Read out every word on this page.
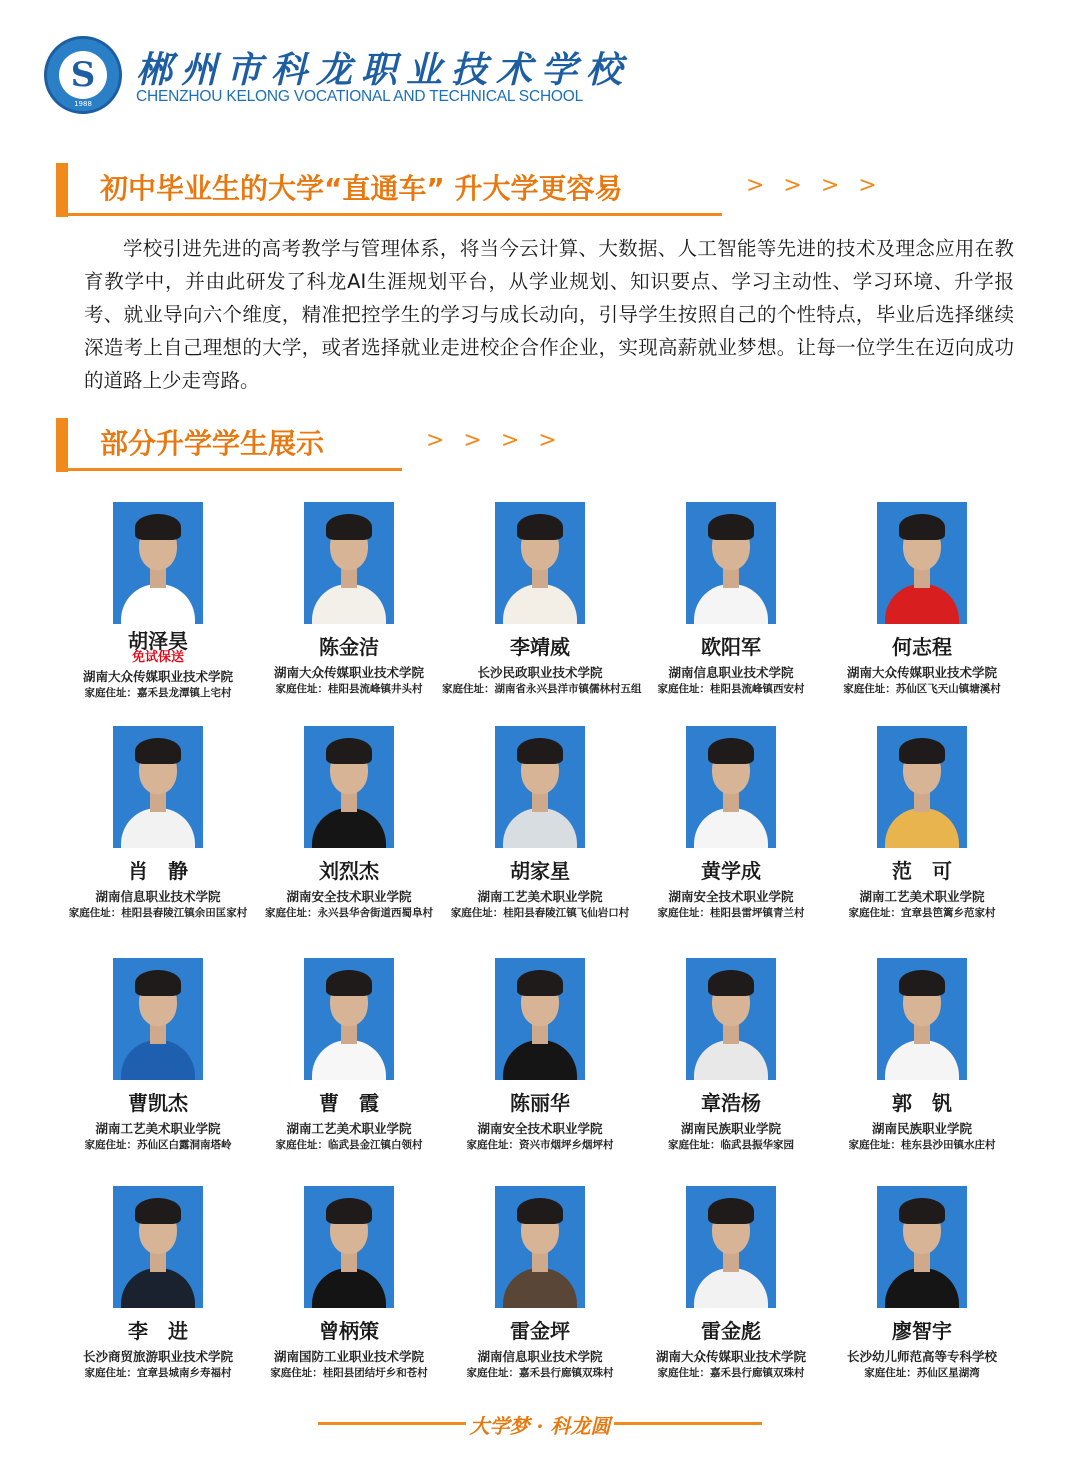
S
1988
郴州市科龙职业技术学校
CHENZHOU KELONG VOCATIONAL AND TECHNICAL SCHOOL
初中毕业生的大学“直通车” 升大学更容易	> > > >
学校引进先进的高考教学与管理体系，将当今云计算、大数据、人工智能等先进的技术及理念应用在教育教学中，并由此研发了科龙AI生涯规划平台，从学业规划、知识要点、学习主动性、学习环境、升学报考、就业导向六个维度，精准把控学生的学习与成长动向，引导学生按照自己的个性特点，毕业后选择继续深造考上自己理想的大学，或者选择就业走进校企合作企业，实现高薪就业梦想。让每一位学生在迈向成功的道路上少走弯路。
部分升学学生展示	> > > >
胡泽昊
免试保送
湖南大众传媒职业技术学院
家庭住址：嘉禾县龙潭镇上宅村
陈金洁
湖南大众传媒职业技术学院
家庭住址：桂阳县流峰镇井头村
李靖威
长沙民政职业技术学院
家庭住址：湖南省永兴县洋市镇儒林村五组
欧阳军
湖南信息职业技术学院
家庭住址：桂阳县流峰镇西安村
何志程
湖南大众传媒职业技术学院
家庭住址：苏仙区飞天山镇塘溪村
肖　静
湖南信息职业技术学院
家庭住址：桂阳县舂陵江镇余田匡家村
刘烈杰
湖南安全技术职业学院
家庭住址：永兴县华舍街道西蜀阜村
胡家星
湖南工艺美术职业学院
家庭住址：桂阳县舂陵江镇飞仙岩口村
黄学成
湖南安全技术职业学院
家庭住址：桂阳县雷坪镇青兰村
范　可
湖南工艺美术职业学院
家庭住址：宜章县笆篱乡范家村
曹凯杰
湖南工艺美术职业学院
家庭住址：苏仙区白露洞南塔岭
曹　霞
湖南工艺美术职业学院
家庭住址：临武县金江镇白领村
陈丽华
湖南安全技术职业学院
家庭住址：资兴市烟坪乡烟坪村
章浩杨
湖南民族职业学院
家庭住址：临武县振华家园
郭　钒
湖南民族职业学院
家庭住址：桂东县沙田镇水庄村
李　进
长沙商贸旅游职业技术学院
家庭住址：宜章县城南乡寿福村
曾柄策
湖南国防工业职业技术学院
家庭住址：桂阳县团结圩乡和苍村
雷金坪
湖南信息职业技术学院
家庭住址：嘉禾县行廊镇双珠村
雷金彪
湖南大众传媒职业技术学院
家庭住址：嘉禾县行廊镇双珠村
廖智宇
长沙幼儿师范高等专科学校
家庭住址：苏仙区星湖湾
大学梦 · 科龙圆
